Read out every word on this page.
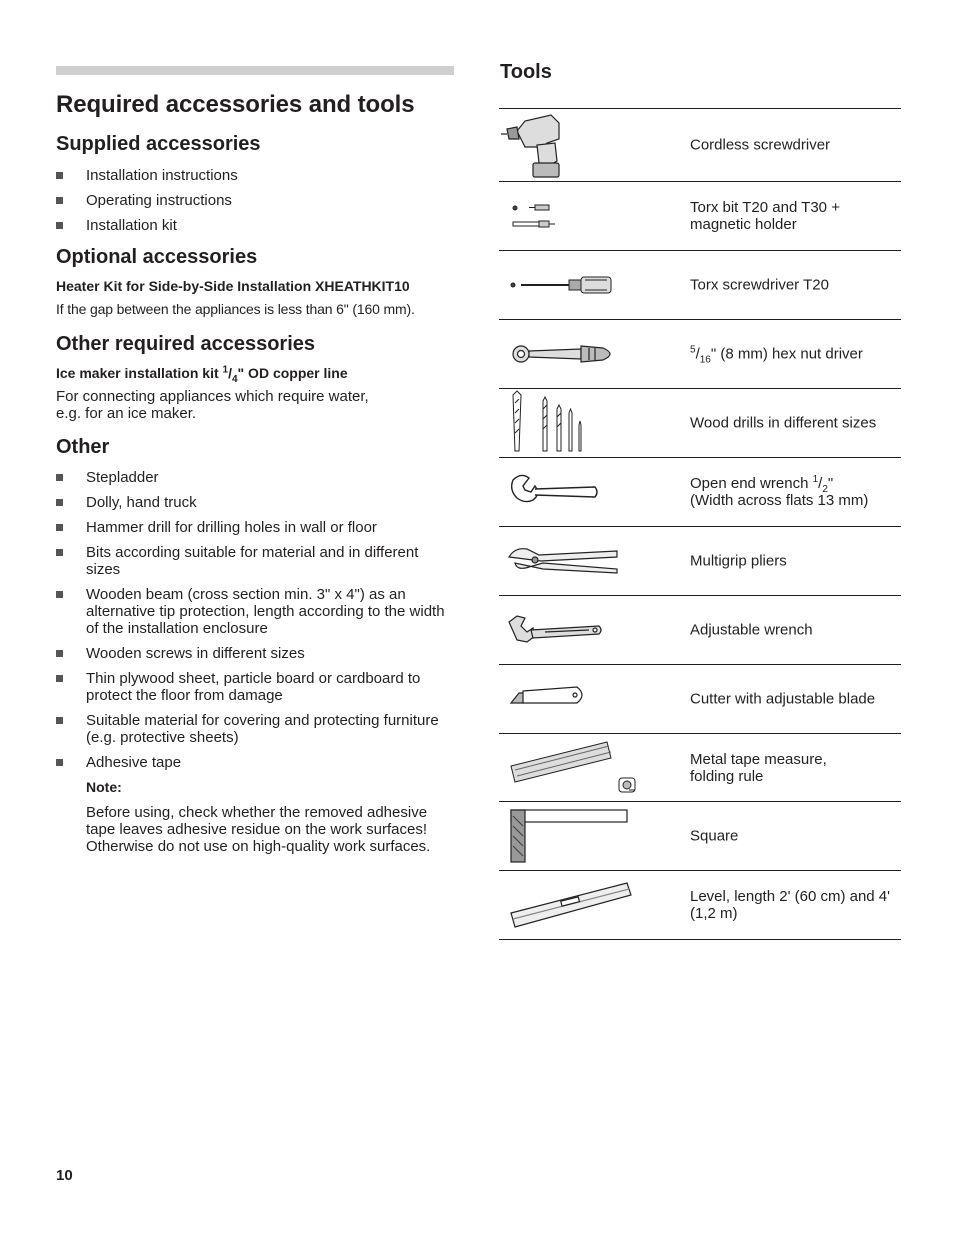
Required accessories and tools
Supplied accessories
Installation instructions
Operating instructions
Installation kit
Optional accessories
Heater Kit for Side-by-Side Installation XHEATHKIT10

If the gap between the appliances is less than 6" (160 mm).

Other required accessories
Ice maker installation kit $^1/_4$" OD copper line

For connecting appliances which require water,
e.g. for an ice maker.

Other
Stepladder
Dolly, hand truck
Hammer drill for drilling holes in wall or floor
Bits according suitable for material and in different sizes
Wooden beam (cross section min. 3" x 4") as an alternative tip protection, length according to the width of the installation enclosure
Wooden screws in different sizes
Thin plywood sheet, particle board or cardboard to protect the floor from damage
Suitable material for covering and protecting furniture (e.g. protective sheets)
Adhesive tape

Note:

Before using, check whether the removed adhesive tape leaves adhesive residue on the work surfaces! Otherwise do not use on high-quality work surfaces.

Tools
Cordless screwdriver
Torx bit T20 and T30 + magnetic holder
Torx screwdriver T20
$^5/_{16}$" (8 mm) hex nut driver
Wood drills in different sizes
Open end wrench $^1/_2$"
(Width across flats 13 mm)
Multigrip pliers
Adjustable wrench
Cutter with adjustable blade
Metal tape measure,
folding rule
Square
Level, length 2' (60 cm) and 4' (1,2 m)
10
